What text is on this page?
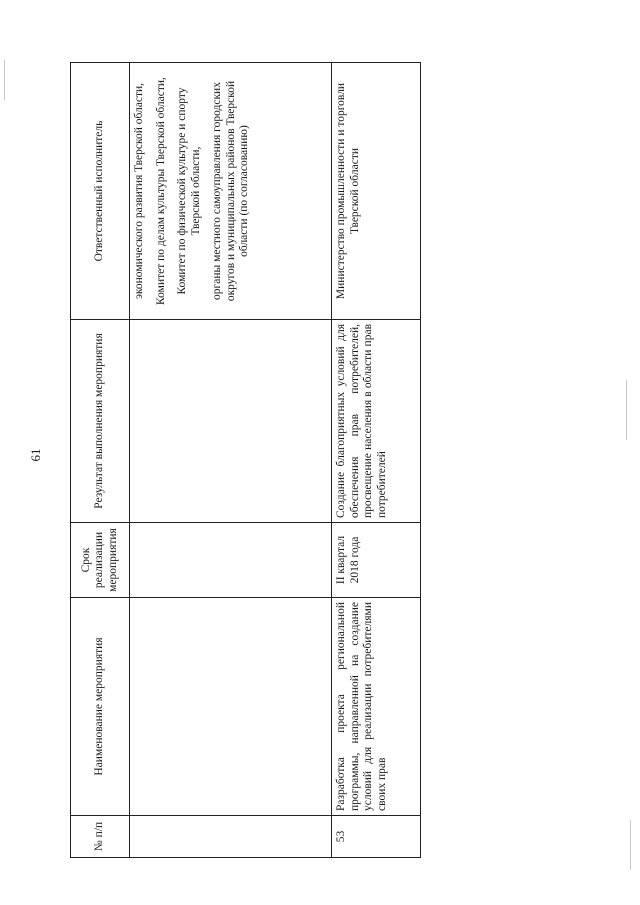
61
№ п/п	Наименование мероприятия	Срок реализации мероприятия	Результат выполнения мероприятия	Ответственный исполнитель

				экономического развития Тверской области, Комитет по делам культуры Тверской области, Комитет по физической культуре и спорту Тверской области, органы местного самоуправления городских округов и муниципальных районов Тверской области (по согласованию)

53	Разработка проекта региональной программы, направленной на создание условий для реализации потребителями своих прав	II квартал 2018 года	Создание благоприятных условий для обеспечения прав потребителей, просвещение населения в области прав потребителей	Министерство промышленности и торговли Тверской области
